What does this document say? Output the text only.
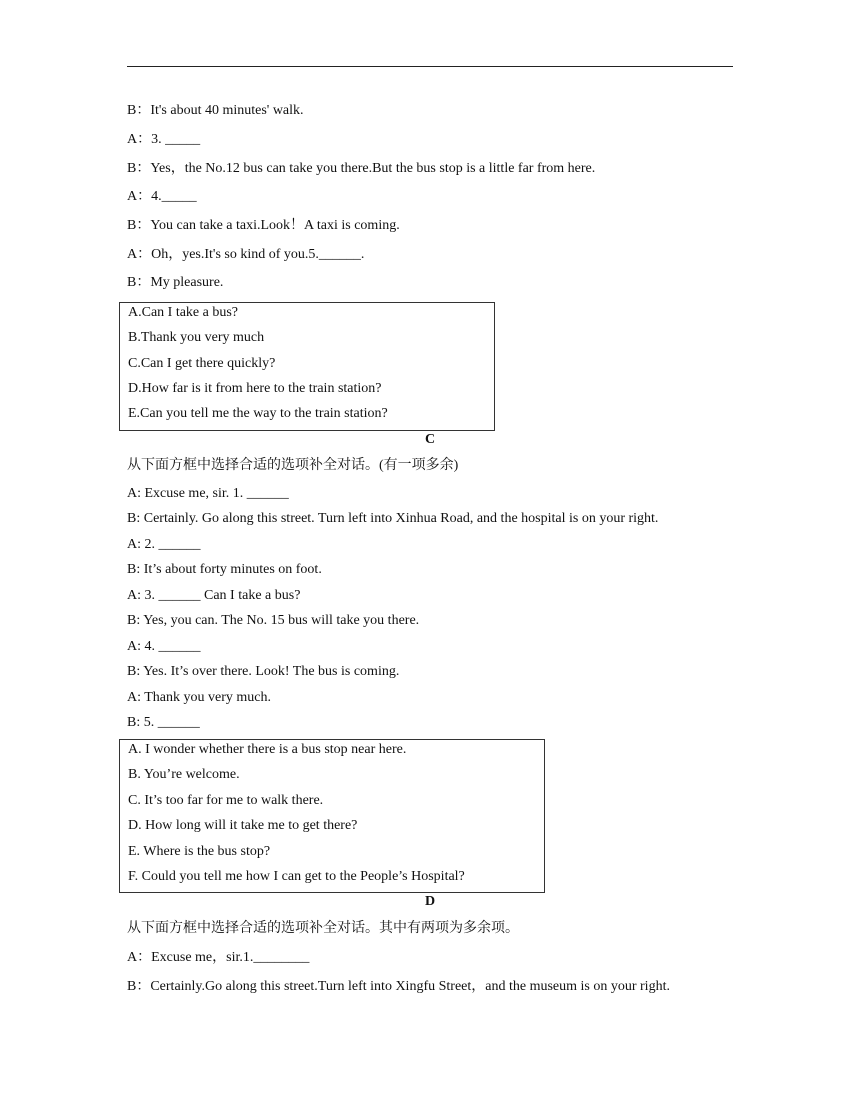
B：It's about 40 minutes' walk.
A：3. _____
B：Yes，the No.12 bus can take you there.But the bus stop is a little far from here.
A：4._____
B：You can take a taxi.Look！A taxi is coming.
A：Oh，yes.It's so kind of you.5.______.
B：My pleasure.
A.Can I take a bus?
B.Thank you very much
C.Can I get there quickly?
D.How far is it from here to the train station?
E.Can you tell me the way to the train station?
C
从下面方框中选择合适的选项补全对话。(有一项多余)
A: Excuse me, sir. 1. ______
B: Certainly. Go along this street. Turn left into Xinhua Road, and the hospital is on your right.
A: 2. ______
B: It’s about forty minutes on foot.
A: 3. ______ Can I take a bus?
B: Yes, you can. The No. 15 bus will take you there.
A: 4. ______
B: Yes. It’s over there. Look! The bus is coming.
A: Thank you very much.
B: 5. ______
A. I wonder whether there is a bus stop near here.
B. You’re welcome.
C. It’s too far for me to walk there.
D. How long will it take me to get there?
E. Where is the bus stop?
F. Could you tell me how I can get to the People’s Hospital?
D
从下面方框中选择合适的选项补全对话。其中有两项为多余项。
A：Excuse me，sir.1.________
B：Certainly.Go along this street.Turn left into Xingfu Street，and the museum is on your right.
